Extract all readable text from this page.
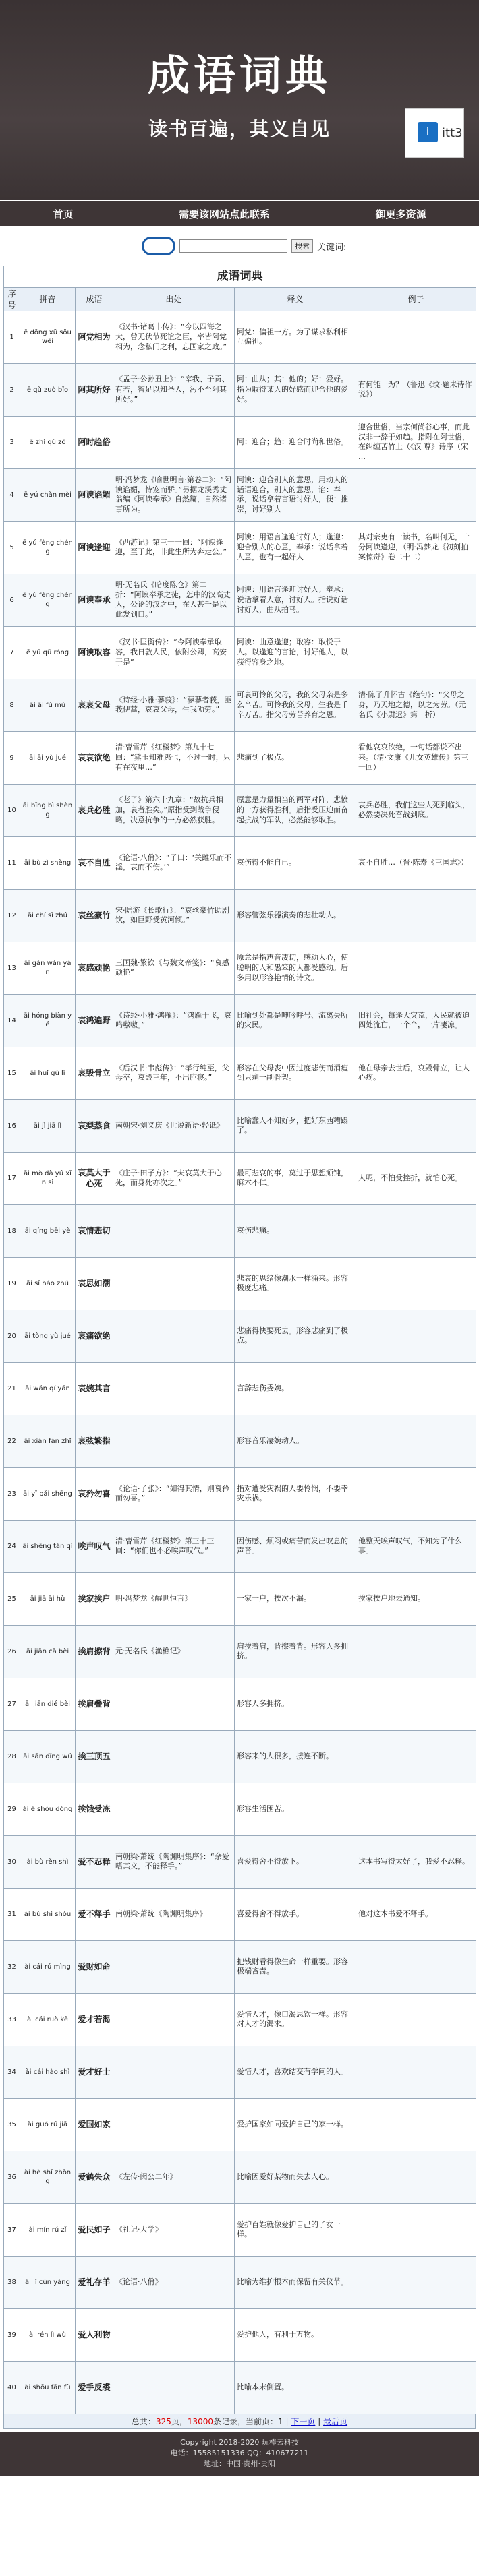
成语词典
读书百遍，其义自见	i	itt3
首页	需要该网站点此联系	御更多资源
搜索 关键词:
成语词典					
序号	拼音	成语	出处	释义	例子
1	ē dǒng xǔ sǒu wēi	阿党相为	《汉书·诸葛丰传》：“今以四海之大，曾无伏节死谊之臣，率皆阿党相为，念私门之利，忘国家之政。”	阿党：偏袒一方。为了谋求私利相互偏袒。	
2	ē qǔ zuò bǐo	阿其所好	《孟子·公孙丑上》：“宰我、子贡、有若，智足以知圣人，污不至阿其所好。”	阿：曲从；其：他的；好：爱好。指为取得某人的好感而迎合他的爱好。	有何能一为？（鲁迅《坟·题未诗作说》）
3	ē zhì qù zō	阿时趋俗		阿：迎合；趋：迎合时尚和世俗。	迎合世俗，当宗何尚谷心事，而此汉非一辞于如趋。指附在阿世俗，在纠缠苦竹上（《汉 尊》诗序（宋 …
4	ē yú chǎn mèi	阿谀谄媚	明·冯梦龙《喻世明言·第卷二》：“阿谀谄媚，恃宠而骄。”另据龙溪秀丈翁编《阿谀奉承》自然篇，自然诸事所为。	阿谀：迎合别人的意思，用动人的话语迎合，别人的意思，谄：奉承，说话拿着言语讨好人，便：推崇，讨好别人	
5	ē yú fèng chéng	阿谀逢迎	《西游记》第三十一回：“阿谀逢迎，至于此，非此生所为奔走公。”	阿谀：用语言逢迎讨好人；逢迎：迎合別人的心意，奉承：说话拿着人意，也有一起好人	其对宗吏有一读书，名叫何无，十分阿谀逢迎，（明·冯梦龙《初刻拍案惊奇》卷二十二）
6	ē yú fèng chéng	阿谀奉承	明·无名氏《暗度陈仓》第二折：“阿谀奉承之徒，怎中的汉高丈人，公论的汉之中，在人甚千是以此发到口。”	阿谀：用语言逢迎讨好人；奉承：说话拿着人意，讨好人。指说好话讨好人，曲从拍马。	
7	ē yú qǔ róng	阿谀取容	《汉书·匡衡传》：“今阿谀奉承取容，我日敦人民，依附公卿，高安于是”	阿谀：曲意逢迎；取容：取悦于人。以逢迎的言论，讨好他人，以获得容身之地。	
8	āi āi fù mǔ	哀哀父母	《诗经·小雅·蓼莪》：“蓼蓼者莪，匪莪伊蒿，哀哀父母，生我劬劳。”	可哀可怜的父母，我的父母亲是多么辛苦。可怜我的父母，生我是千辛万苦。指父母劳苦养育之恩。	清·陈子升怀古《绝句》：“父母之身，乃天地之德，以之为劳。（元 名氏《小尉迟》第一折）
9	āi āi yù jué	哀哀欲绝	清·曹雪芹《红楼梦》第九十七回：“黛玉知难逃也，不过一时，只有在夜里…”	悲痛到了极点。	看他哀哀欲绝，一句话都说不出来。（清·文康《儿女英雄传》第三十回）
10	āi bīng bì shèng	哀兵必胜	《老子》第六十九章：“故抗兵相加，哀者胜矣。”原指受到战争侵略，决意抗争的一方必然获胜。	原意是力量相当的两军对阵，悲愤的一方获得胜利。后指受压迫而奋起抗战的军队，必然能够取胜。	哀兵必胜，我们这些人死到临头，必然要决死奋战到底。
11	āi bù zì shèng	哀不自胜	《论语·八佾》：“子曰：‘关雎乐而不淫，哀而不伤。’”	哀伤得不能自已。	哀不自胜…（晋·陈寿《三国志》）
12	āi chí sī zhú	哀丝豪竹	宋·陆游《长歌行》：“哀丝豪竹助剧饮，如巨野受黄河倾。”	形容管弦乐器演奏的悲壮动人。	
13	āi gǎn wán yàn	哀感顽艳	三国魏·繁钦《与魏文帝笺》：“哀感顽艳”	原意是指声音凄切，感动人心，使聪明的人和愚笨的人都受感动。后多用以形容艳情的诗文。	
14	āi hóng biàn yě	哀鸿遍野	《诗经·小雅·鸿雁》：“鸿雁于飞，哀鸣嗷嗷。”	比喻到处都是呻吟呼号、流离失所的灾民。	旧社会，每逢大灾荒，人民就被迫四处流亡，一个个，一片凄凉。
15	āi huǐ gǔ lì	哀毁骨立	《后汉书·韦彪传》：“孝行纯至，父母卒，哀毁三年，不出庐寝。”	形容在父母丧中因过度悲伤而消瘦到只剩一副骨架。	他在母亲去世后，哀毁骨立，让人心疼。
16	āi jì jiā lì	哀梨蒸食	南朝宋·刘义庆《世说新语·轻诋》	比喻蠢人不知好歹，把好东西糟蹋了。	
17	āi mò dà yú xīn sǐ	哀莫大于心死	《庄子·田子方》：“夫哀莫大于心死，而身死亦次之。”	最可悲哀的事，莫过于思想顽钝，麻木不仁。	人呢，不怕受挫折，就怕心死。
18	āi qíng bēi yè	哀情悲切		哀伤悲痛。	
19	āi sī háo zhú	哀思如潮		悲哀的思绪像潮水一样涌来。形容极度悲痛。	
20	āi tòng yù jué	哀痛欲绝		悲痛得快要死去。形容悲痛到了极点。	
21	āi wǎn qí yán	哀婉其言		言辞悲伤委婉。	
22	āi xián fán zhǐ	哀弦繁指		形容音乐凄婉动人。	
23	āi yǐ bǎi shēng	哀矜勿喜	《论语·子张》：“如得其情，则哀矜而勿喜。”	指对遭受灾祸的人要怜悯，不要幸灾乐祸。	
24	āi shēng tàn qì	唉声叹气	清·曹雪芹《红楼梦》第三十三回：“你们也不必唉声叹气。”	因伤感、烦闷或痛苦而发出叹息的声音。	他整天唉声叹气，不知为了什么事。
25	āi jiā āi hù	挨家挨户	明·冯梦龙《醒世恒言》	一家一户，挨次不漏。	挨家挨户地去通知。
26	āi jiān cā bèi	挨肩擦背	元·无名氏《渔樵记》	肩挨着肩，背擦着背。形容人多拥挤。	
27	āi jiān dié bèi	挨肩叠背		形容人多拥挤。	
28	āi sān dǐng wǔ	挨三顶五		形容来的人很多，接连不断。	
29	ái è shòu dòng	挨饿受冻		形容生活困苦。	
30	ài bù rěn shì	爱不忍释	南朝梁·萧统《陶渊明集序》：“余爱嗜其文，不能释手。”	喜爱得舍不得放下。	这本书写得太好了，我爱不忍释。
31	ài bù shì shǒu	爱不释手	南朝梁·萧统《陶渊明集序》	喜爱得舍不得放手。	他对这本书爱不释手。
32	ài cái rú mìng	爱财如命		把钱财看得像生命一样重要。形容极端吝啬。	
33	ài cái ruò kě	爱才若渴		爱惜人才，像口渴思饮一样。形容对人才的渴求。	
34	ài cái hào shì	爱才好士		爱惜人才，喜欢结交有学问的人。	
35	ài guó rú jiā	爱国如家		爱护国家如同爱护自己的家一样。	
36	ài hè shī zhòng	爱鹤失众	《左传·闵公二年》	比喻因爱好某物而失去人心。	
37	ài mín rú zǐ	爱民如子	《礼记·大学》	爱护百姓就像爱护自己的子女一样。	
38	ài lǐ cún yáng	爱礼存羊	《论语·八佾》	比喻为维护根本而保留有关仪节。	
39	ài rén lì wù	爱人利物		爱护他人，有利于万物。	
40	ài shǒu fǎn fù	爱手反裘		比喻本末倒置。	
总共：325页，13000条记录，当前页：1 | 下一页 | 最后页
Copyright 2018-2020 玩棒云科技
电话：15585151336 QQ：410677211
地址：中国·贵州·贵阳
